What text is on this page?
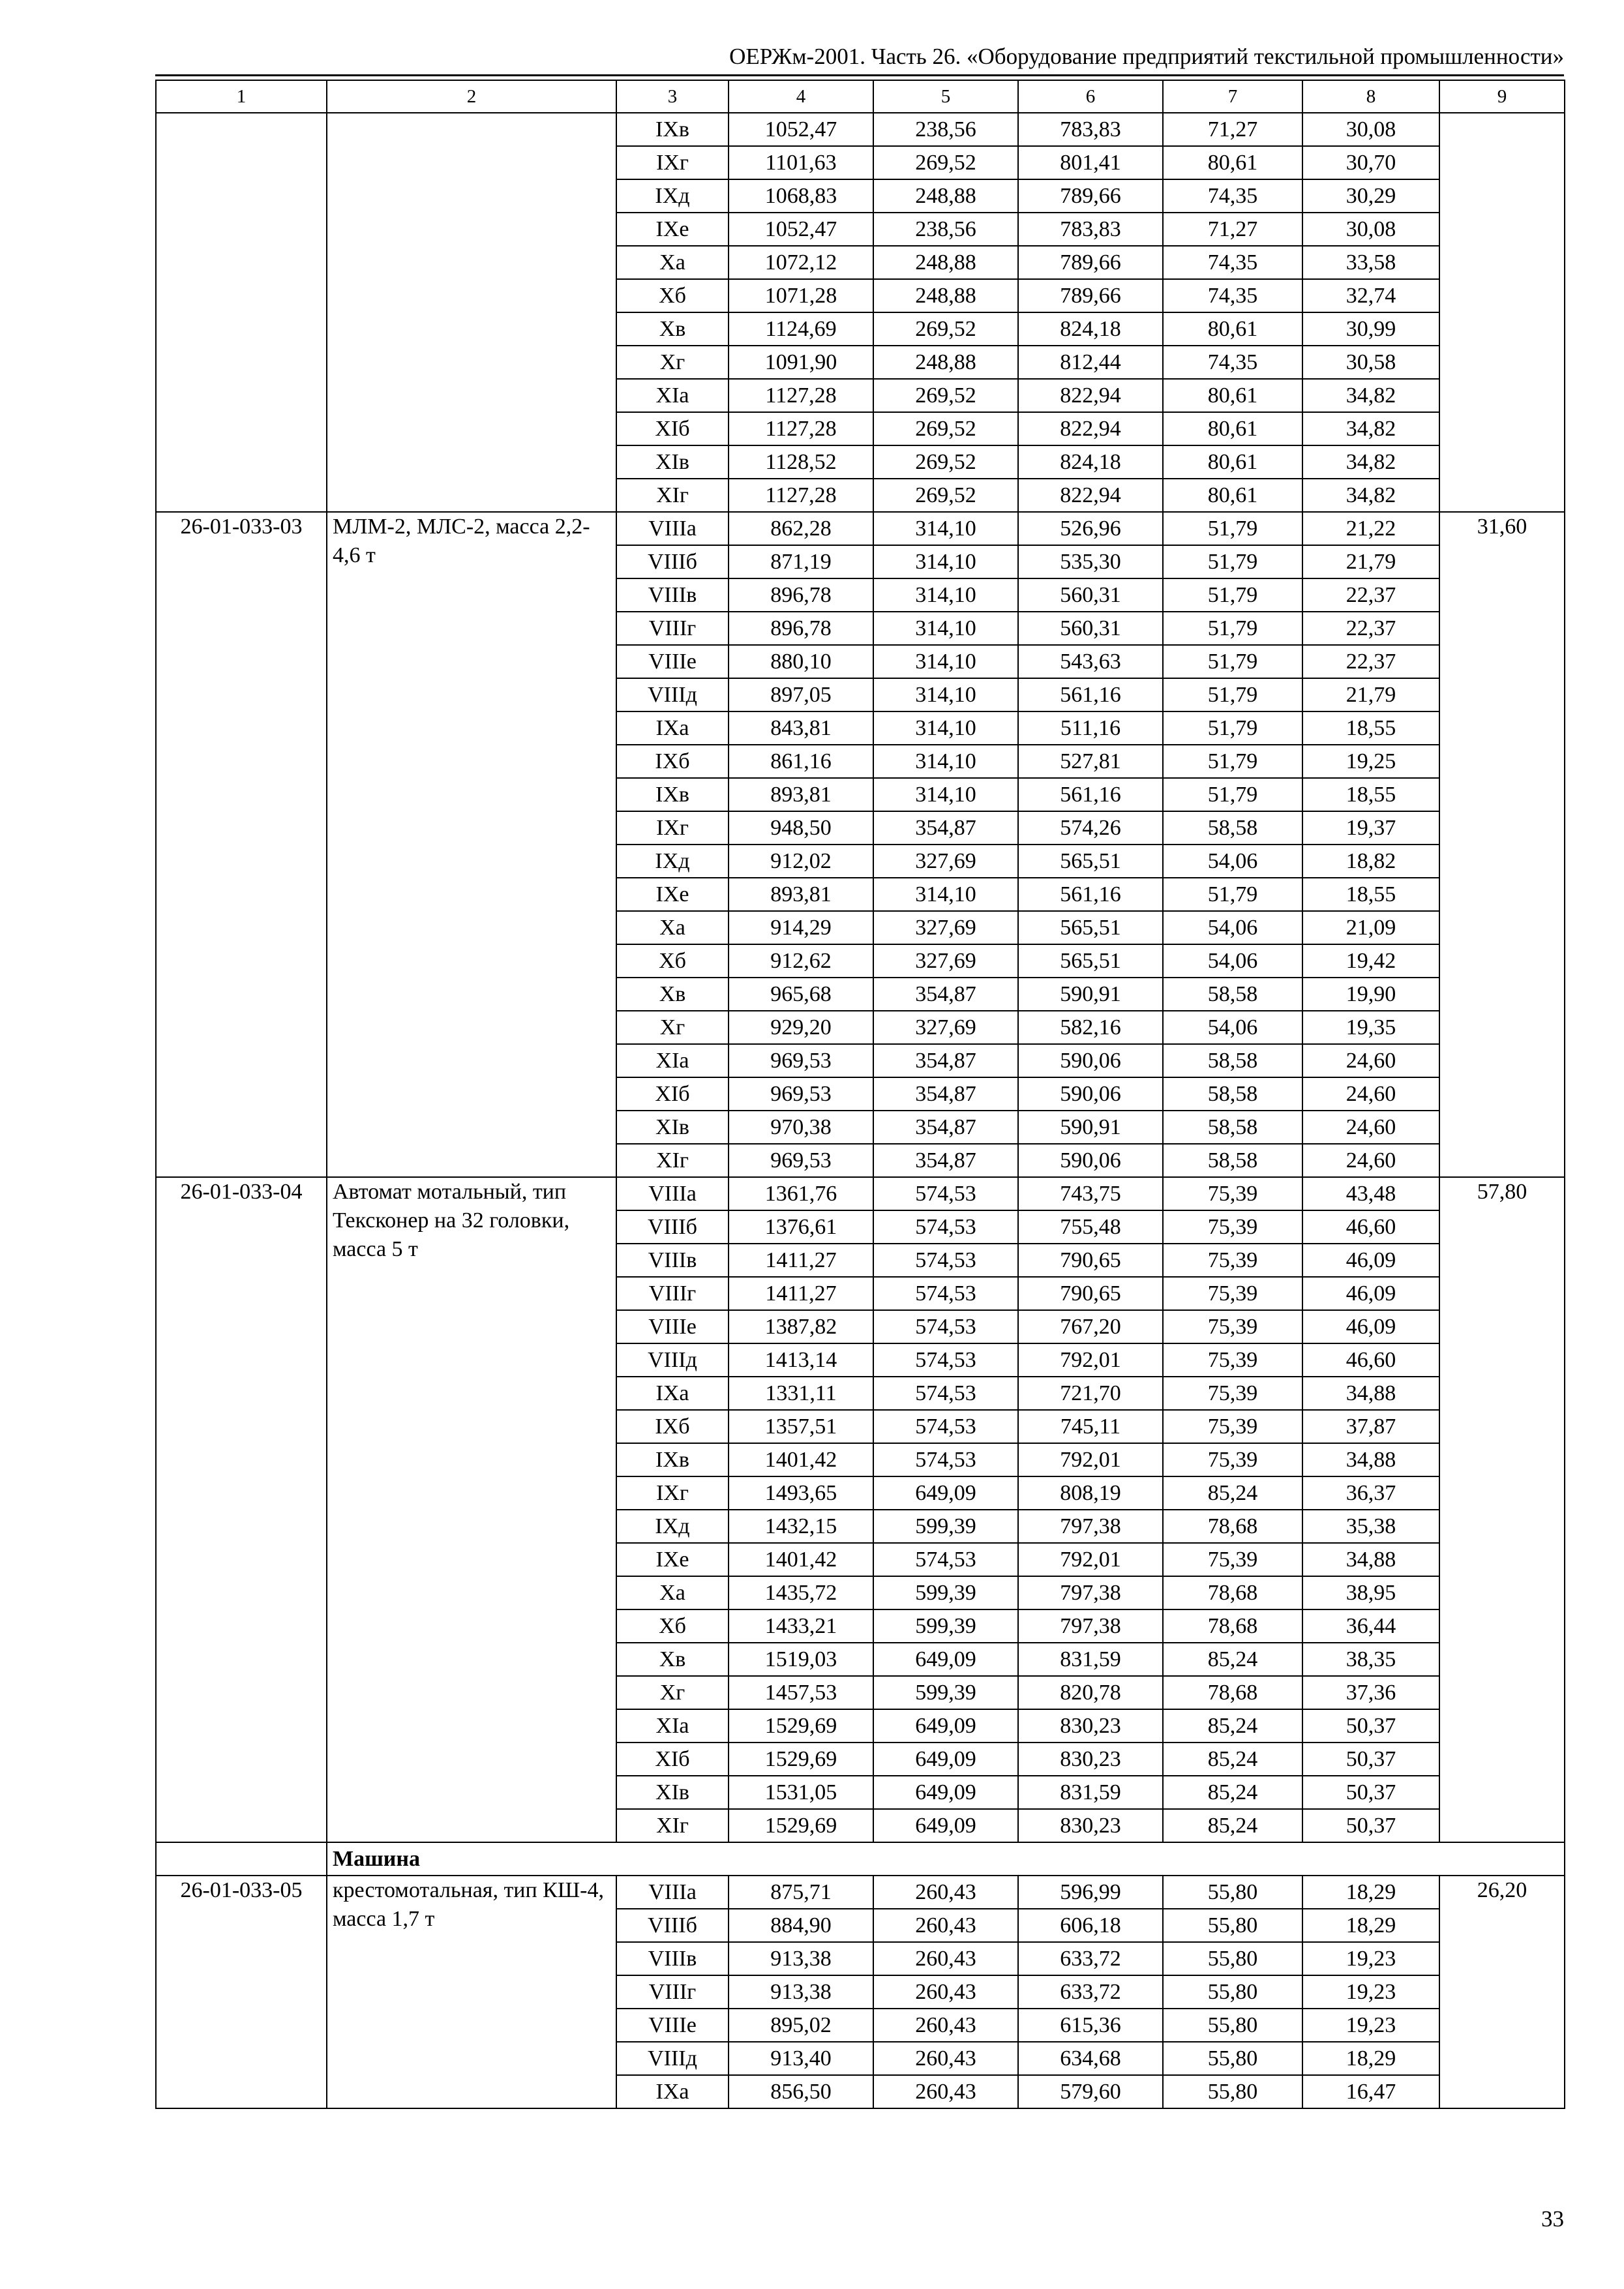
ОЕРЖм-2001. Часть 26. «Оборудование предприятий текстильной промышленности»
1	2	3	4	5	6	7	8	9
		IXв	1052,47	238,56	783,83	71,27	30,08	
		IXг	1101,63	269,52	801,41	80,61	30,70	
		IXд	1068,83	248,88	789,66	74,35	30,29	
		IXе	1052,47	238,56	783,83	71,27	30,08	
		Xа	1072,12	248,88	789,66	74,35	33,58	
		Xб	1071,28	248,88	789,66	74,35	32,74	
		Xв	1124,69	269,52	824,18	80,61	30,99	
		Xг	1091,90	248,88	812,44	74,35	30,58	
		XIа	1127,28	269,52	822,94	80,61	34,82	
		XIб	1127,28	269,52	822,94	80,61	34,82	
		XIв	1128,52	269,52	824,18	80,61	34,82	
		XIг	1127,28	269,52	822,94	80,61	34,82	
26-01-033-03	МЛМ-2, МЛС-2, масса 2,2-4,6 т	VIIIа	862,28	314,10	526,96	51,79	21,22	31,60
		VIIIб	871,19	314,10	535,30	51,79	21,79	
		VIIIв	896,78	314,10	560,31	51,79	22,37	
		VIIIг	896,78	314,10	560,31	51,79	22,37	
		VIIIе	880,10	314,10	543,63	51,79	22,37	
		VIIIд	897,05	314,10	561,16	51,79	21,79	
		IXа	843,81	314,10	511,16	51,79	18,55	
		IXб	861,16	314,10	527,81	51,79	19,25	
		IXв	893,81	314,10	561,16	51,79	18,55	
		IXг	948,50	354,87	574,26	58,58	19,37	
		IXд	912,02	327,69	565,51	54,06	18,82	
		IXе	893,81	314,10	561,16	51,79	18,55	
		Xа	914,29	327,69	565,51	54,06	21,09	
		Xб	912,62	327,69	565,51	54,06	19,42	
		Xв	965,68	354,87	590,91	58,58	19,90	
		Xг	929,20	327,69	582,16	54,06	19,35	
		XIа	969,53	354,87	590,06	58,58	24,60	
		XIб	969,53	354,87	590,06	58,58	24,60	
		XIв	970,38	354,87	590,91	58,58	24,60	
		XIг	969,53	354,87	590,06	58,58	24,60	
26-01-033-04	Автомат мотальный, тип Тексконер на 32 головки, масса 5 т	VIIIа	1361,76	574,53	743,75	75,39	43,48	57,80
		VIIIб	1376,61	574,53	755,48	75,39	46,60	
		VIIIв	1411,27	574,53	790,65	75,39	46,09	
		VIIIг	1411,27	574,53	790,65	75,39	46,09	
		VIIIе	1387,82	574,53	767,20	75,39	46,09	
		VIIIд	1413,14	574,53	792,01	75,39	46,60	
		IXа	1331,11	574,53	721,70	75,39	34,88	
		IXб	1357,51	574,53	745,11	75,39	37,87	
		IXв	1401,42	574,53	792,01	75,39	34,88	
		IXг	1493,65	649,09	808,19	85,24	36,37	
		IXд	1432,15	599,39	797,38	78,68	35,38	
		IXе	1401,42	574,53	792,01	75,39	34,88	
		Xа	1435,72	599,39	797,38	78,68	38,95	
		Xб	1433,21	599,39	797,38	78,68	36,44	
		Xв	1519,03	649,09	831,59	85,24	38,35	
		Xг	1457,53	599,39	820,78	78,68	37,36	
		XIа	1529,69	649,09	830,23	85,24	50,37	
		XIб	1529,69	649,09	830,23	85,24	50,37	
		XIв	1531,05	649,09	831,59	85,24	50,37	
		XIг	1529,69	649,09	830,23	85,24	50,37	
	Машина							
26-01-033-05	крестомотальная, тип КШ-4, масса 1,7 т	VIIIа	875,71	260,43	596,99	55,80	18,29	26,20
		VIIIб	884,90	260,43	606,18	55,80	18,29	
		VIIIв	913,38	260,43	633,72	55,80	19,23	
		VIIIг	913,38	260,43	633,72	55,80	19,23	
		VIIIе	895,02	260,43	615,36	55,80	19,23	
		VIIIд	913,40	260,43	634,68	55,80	18,29	
		IXа	856,50	260,43	579,60	55,80	16,47	
33
